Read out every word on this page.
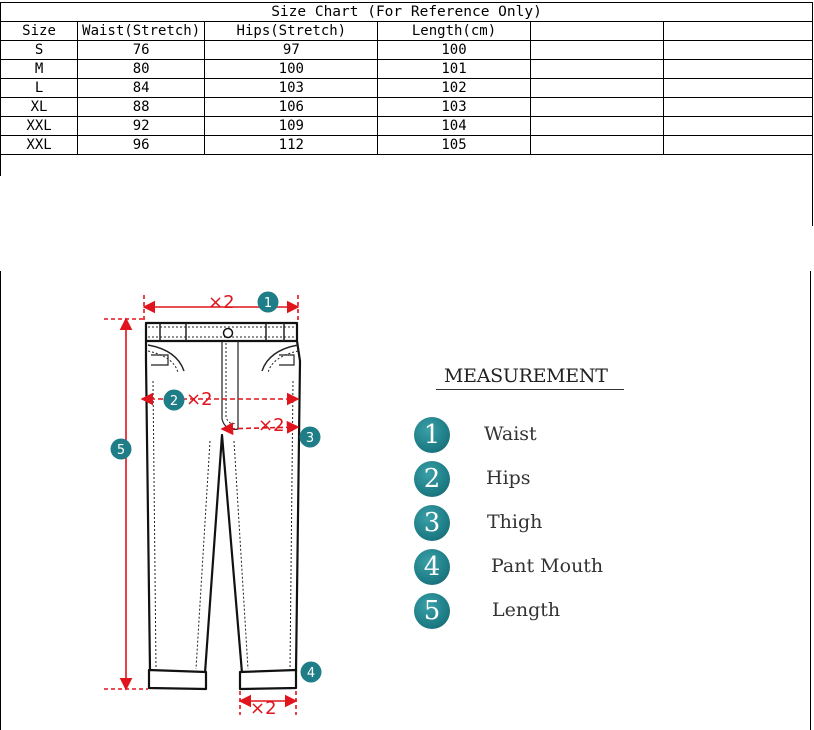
Size Chart (For Reference Only)					
Size	Waist(Stretch)	Hips(Stretch)	Length(cm)		
S	76	97	100		
M	80	100	101		
L	84	103	102		
XL	88	106	103		
XXL	92	109	104		
XXL	96	112	105		
×2
×2
×2
×2
1
2
3
4
5
MEASUREMENT
1	Waist
2	Hips
3	Thigh
4	Pant Mouth
5	Length
